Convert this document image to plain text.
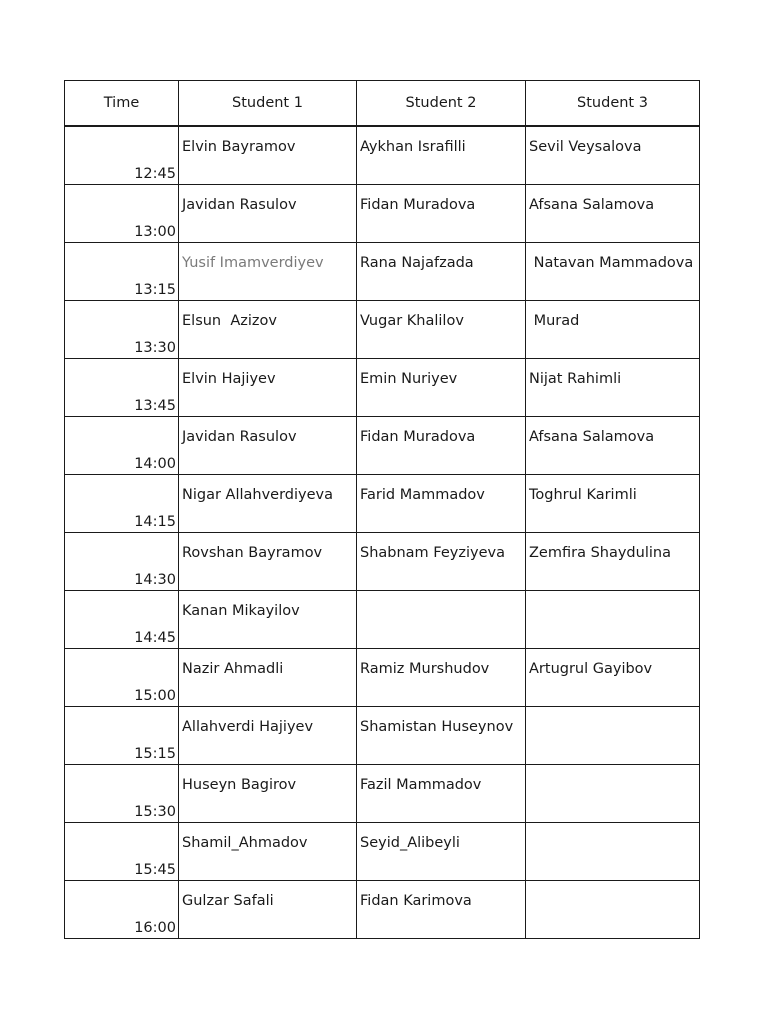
Time	Student 1	Student 2	Student 3
12:45	Elvin Bayramov	Aykhan Israfilli	Sevil Veysalova
13:00	Javidan Rasulov	Fidan Muradova	Afsana Salamova
13:15	Yusif Imamverdiyev	Rana Najafzada	Natavan Mammadova
13:30	Elsun  Azizov	Vugar Khalilov	Murad
13:45	Elvin Hajiyev	Emin Nuriyev	Nijat Rahimli
14:00	Javidan Rasulov	Fidan Muradova	Afsana Salamova
14:15	Nigar Allahverdiyeva	Farid Mammadov	Toghrul Karimli
14:30	Rovshan Bayramov	Shabnam Feyziyeva	Zemfira Shaydulina
14:45	Kanan Mikayilov		
15:00	Nazir Ahmadli	Ramiz Murshudov	Artugrul Gayibov
15:15	Allahverdi Hajiyev	Shamistan Huseynov	
15:30	Huseyn Bagirov	Fazil Mammadov	
15:45	Shamil_Ahmadov	Seyid_Alibeyli	
16:00	Gulzar Safali	Fidan Karimova	
